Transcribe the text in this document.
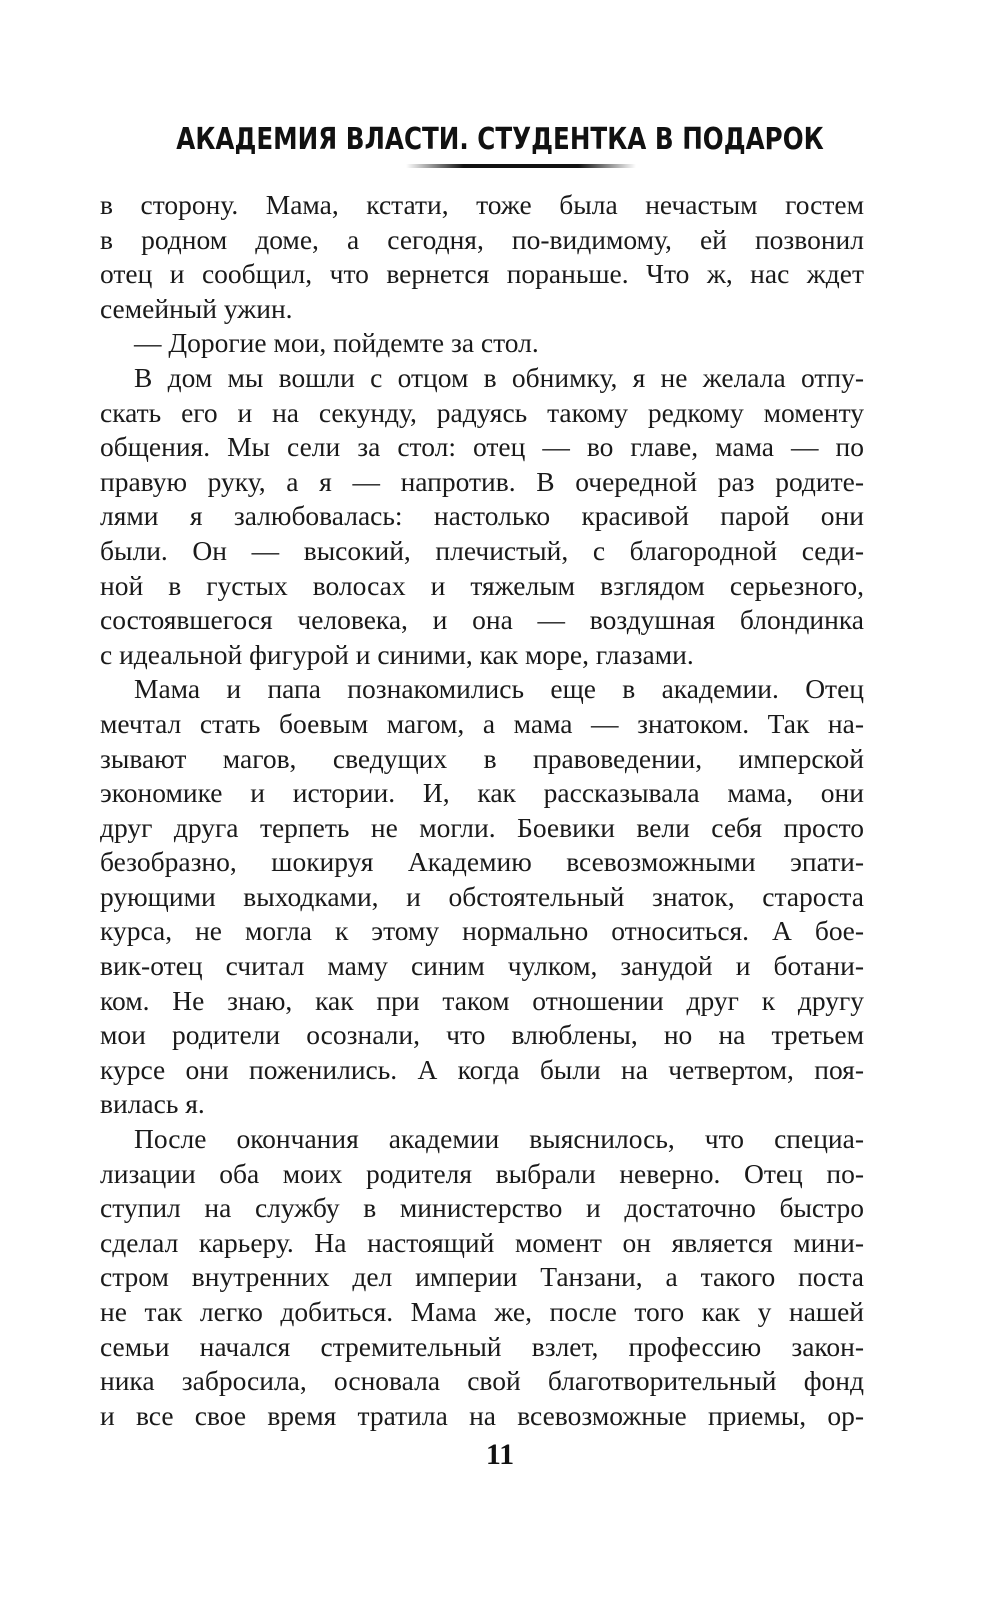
АКАДЕМИЯ ВЛАСТИ. СТУДЕНТКА В ПОДАРОК
в сторону. Мама, кстати, тоже была нечастым гостем
в родном доме, а сегодня, по-видимому, ей позвонил
отец и сообщил, что вернется пораньше. Что ж, нас ждет
семейный ужин.
— Дорогие мои, пойдемте за стол.
В дом мы вошли с отцом в обнимку, я не желала отпу-
скать его и на секунду, радуясь такому редкому моменту
общения. Мы сели за стол: отец — во главе, мама — по
правую руку, а я — напротив. В очередной раз родите-
лями я залюбовалась: настолько красивой парой они
были. Он — высокий, плечистый, с благородной седи-
ной в густых волосах и тяжелым взглядом серьезного,
состоявшегося человека, и она — воздушная блондинка
с идеальной фигурой и синими, как море, глазами.
Мама и папа познакомились еще в академии. Отец
мечтал стать боевым магом, а мама — знатоком. Так на-
зывают магов, сведущих в правоведении, имперской
экономике и истории. И, как рассказывала мама, они
друг друга терпеть не могли. Боевики вели себя просто
безобразно, шокируя Академию всевозможными эпати-
рующими выходками, и обстоятельный знаток, староста
курса, не могла к этому нормально относиться. А боe-
вик-отец считал маму синим чулком, занудой и ботани-
ком. Не знаю, как при таком отношении друг к другу
мои родители осознали, что влюблены, но на третьем
курсе они поженились. А когда были на четвертом, поя-
вилась я.
После окончания академии выяснилось, что специа-
лизации оба моих родителя выбрали неверно. Отец по-
ступил на службу в министерство и достаточно быстро
сделал карьеру. На настоящий момент он является мини-
стром внутренних дел империи Танзани, а такого поста
не так легко добиться. Мама же, после того как у нашей
семьи начался стремительный взлет, профессию закон-
ника забросила, основала свой благотворительный фонд
и все свое время тратила на всевозможные приемы, ор-
11
